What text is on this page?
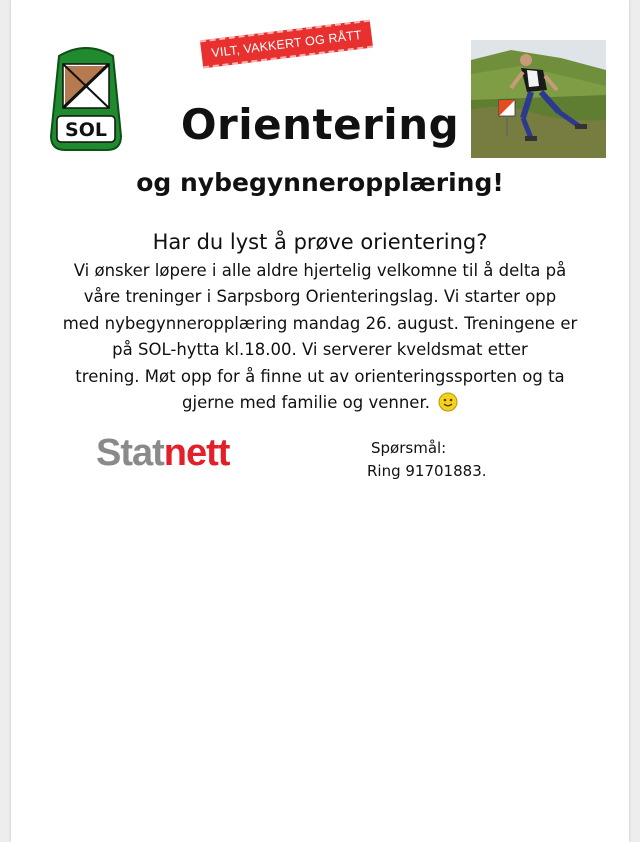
SOL
VILT, VAKKERT OG RÅTT
Orientering
og nybegynneropplæring!
Har du lyst å prøve orientering?
Vi ønsker løpere i alle aldre hjertelig velkomne til å delta på
våre treninger i Sarpsborg Orienteringslag. Vi starter opp
med nybegynneropplæring mandag 26. august. Treningene er
på SOL-hytta kl.18.00. Vi serverer kveldsmat etter
trening. Møt opp for å finne ut av orienteringssporten og ta
gjerne med familie og venner.
Statnett	Spørsmål:
Ring 91701883.
